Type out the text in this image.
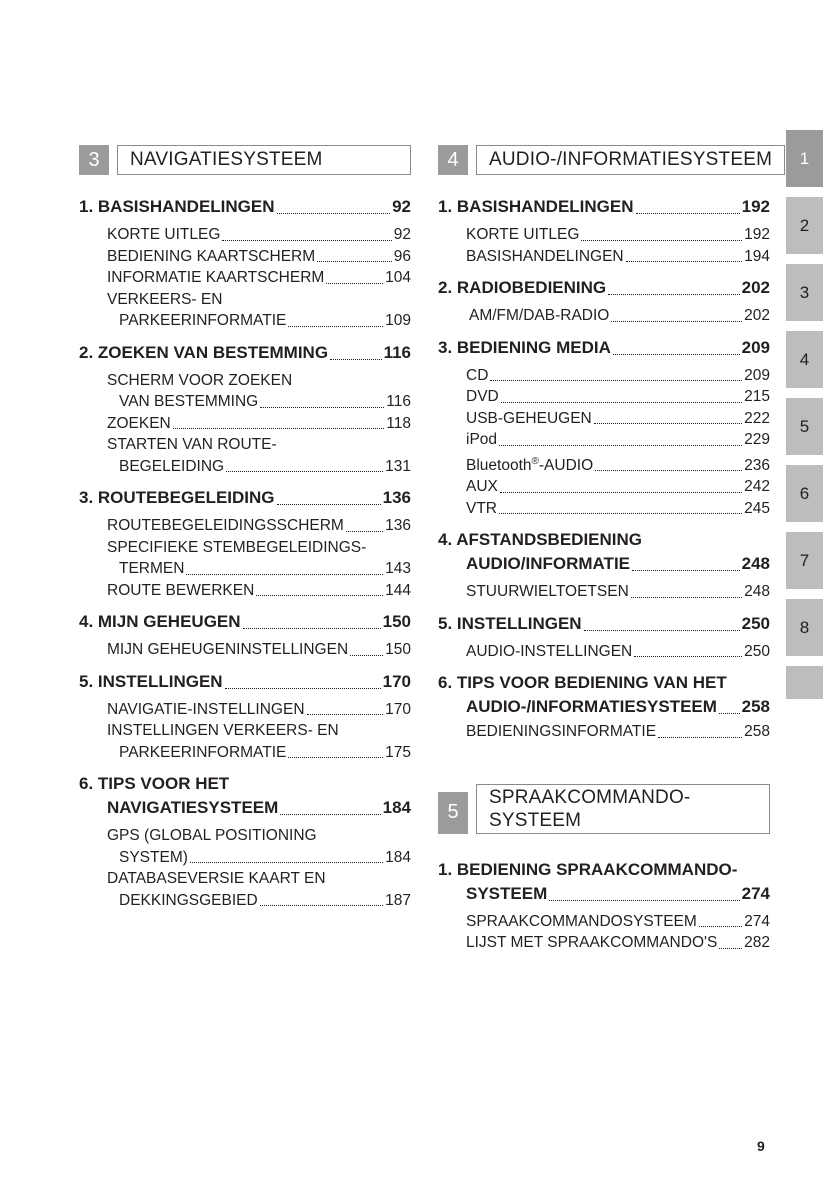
3	NAVIGATIESYSTEEM
1. BASISHANDELINGEN	92
KORTE UITLEG	92
BEDIENING KAARTSCHERM	96
INFORMATIE KAARTSCHERM	104
VERKEERS- EN
PARKEERINFORMATIE	109
2. ZOEKEN VAN BESTEMMING	116
SCHERM VOOR ZOEKEN
VAN BESTEMMING	116
ZOEKEN	118
STARTEN VAN ROUTE-
BEGELEIDING	131
3. ROUTEBEGELEIDING	136
ROUTEBEGELEIDINGSSCHERM	136
SPECIFIEKE STEMBEGELEIDINGS-
TERMEN	143
ROUTE BEWERKEN	144
4. MIJN GEHEUGEN	150
MIJN GEHEUGENINSTELLINGEN 150
5. INSTELLINGEN	170
NAVIGATIE-INSTELLINGEN	170
INSTELLINGEN VERKEERS- EN
PARKEERINFORMATIE	175
6. TIPS VOOR HET
NAVIGATIESYSTEEM	184
GPS (GLOBAL POSITIONING
SYSTEM)	184
DATABASEVERSIE KAART EN
DEKKINGSGEBIED	187
4	AUDIO-/INFORMATIESYSTEEM
1. BASISHANDELINGEN	192
KORTE UITLEG	192
BASISHANDELINGEN	194
2. RADIOBEDIENING	202
AM/FM/DAB-RADIO	202
3. BEDIENING MEDIA	209
CD	209
DVD	215
USB-GEHEUGEN	222
iPod	229
Bluetooth®-AUDIO	236
AUX	242
VTR	245
4. AFSTANDSBEDIENING
AUDIO/INFORMATIE	248
STUURWIELTOETSEN	248
5. INSTELLINGEN	250
AUDIO-INSTELLINGEN	250
6. TIPS VOOR BEDIENING VAN HET
AUDIO-/INFORMATIESYSTEEM 258
BEDIENINGSINFORMATIE	258
5
SPRAAKCOMMANDO-
SYSTEEM
1. BEDIENING SPRAAKCOMMANDO-
SYSTEEM	274
SPRAAKCOMMANDOSYSTEEM	274
LIJST MET SPRAAKCOMMANDO'S 282
1
2
3
4
5
6
7
8
9
